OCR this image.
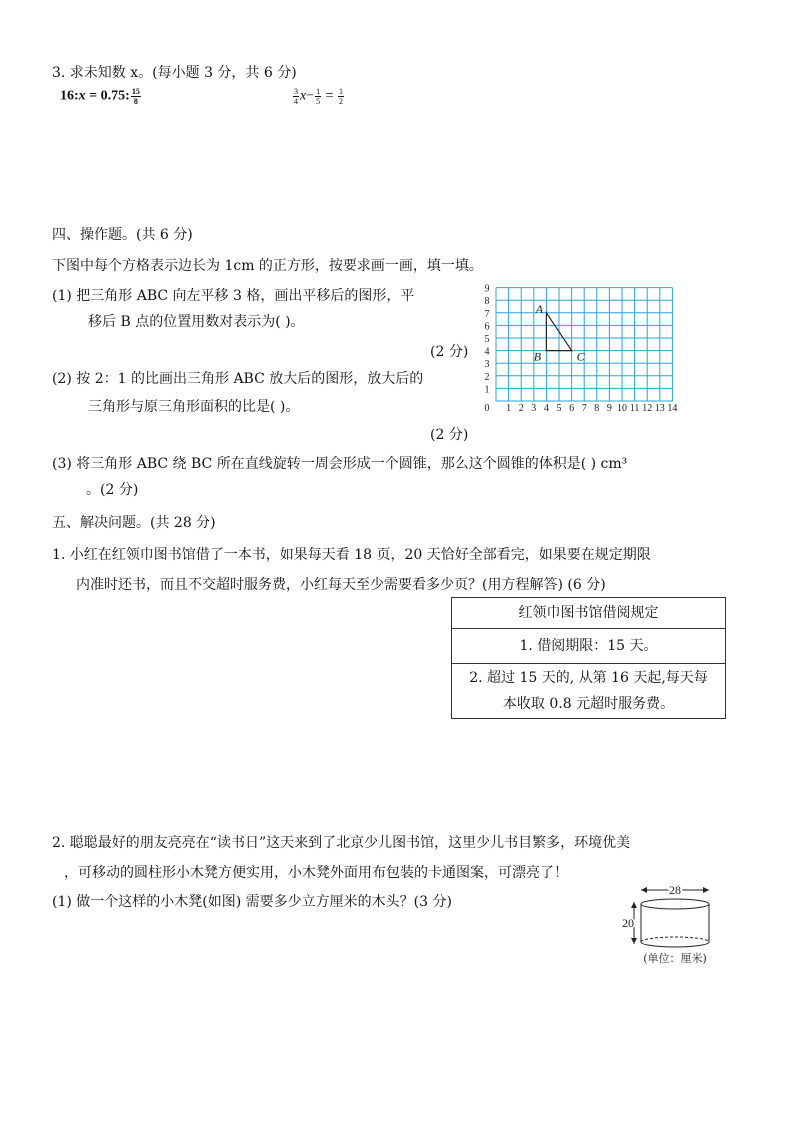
3. 求未知数 x。(每小题 3 分，共 6 分)
16:x = 0.75: $\frac{15}{8}$	$\frac{3}{4} x- \frac{1}{5} = \frac{1}{2}$
四、操作题。(共 6 分)
下图中每个方格表示边长为 1cm 的正方形，按要求画一画，填一填。
(1) 把三角形 ABC 向左平移 3 格，画出平移后的图形，平
移后 B 点的位置用数对表示为( )。
(2 分)
(2) 按 2：1 的比画出三角形 ABC 放大后的图形，放大后的
三角形与原三角形面积的比是( )。
(2 分)
(3) 将三角形 ABC 绕 BC 所在直线旋转一周会形成一个圆锥，那么这个圆锥的体积是( ) cm³
。(2 分)
0 1 2 3 4 5 6 7 8 9 10 11 12 13 14
1
2
3
4
5
6
7
8
9
A
B	C
五、解决问题。(共 28 分)
1. 小红在红领巾图书馆借了一本书，如果每天看 18 页，20 天恰好全部看完，如果要在规定期限
内准时还书，而且不交超时服务费，小红每天至少需要看多少页？(用方程解答) (6 分)
红领巾图书馆借阅规定
1. 借阅期限：15 天。

2. 超过 15 天的, 从第 16 天起,每天每
本收取 0.8 元超时服务费。
2. 聪聪最好的朋友亮亮在“读书日”这天来到了北京少儿图书馆，这里少儿书目繁多，环境优美
，可移动的圆柱形小木凳方便实用，小木凳外面用布包装的卡通图案，可漂亮了！
(1) 做一个这样的小木凳(如图) 需要多少立方厘米的木头？(3 分)
28
20
(单位：厘米)
